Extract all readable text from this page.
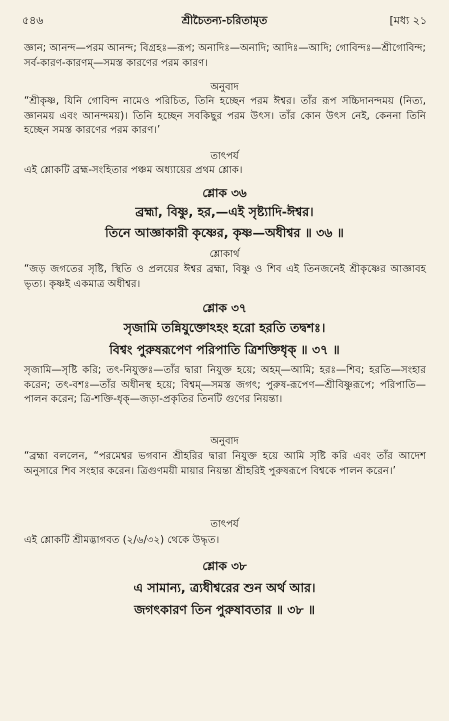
৫৪৬	শ্রীচৈতন্য-চরিতামৃত	[মধ্য ২১
জ্ঞান; আনন্দ—পরম আনন্দ; বিগ্রহঃ—রূপ; অনাদিঃ—অনাদি; আদিঃ—আদি; গোবিন্দঃ—শ্রীগোবিন্দ; সর্ব-কারণ-কারণম্—সমস্ত কারণের পরম কারণ।
অনুবাদ
“শ্রীকৃষ্ণ, যিনি গোবিন্দ নামেও পরিচিত, তিনি হচ্ছেন পরম ঈশ্বর। তাঁর রূপ সচ্চিদানন্দময় (নিত্য, জ্ঞানময় এবং আনন্দময়)। তিনি হচ্ছেন সবকিছুর পরম উৎস। তাঁর কোন উৎস নেই, কেননা তিনি হচ্ছেন সমস্ত কারণের পরম কারণ।’
তাৎপর্য
এই শ্লোকটি ব্রহ্ম-সংহিতার পঞ্চম অধ্যায়ের প্রথম শ্লোক।
শ্লোক ৩৬
ব্রহ্মা, বিষ্ণু, হর,—এই সৃষ্ট্যাদি-ঈশ্বর।
তিনে আজ্ঞাকারী কৃষ্ণের, কৃষ্ণ—অধীশ্বর ॥ ৩৬ ॥
শ্লোকার্থ
“জড় জগতের সৃষ্টি, স্থিতি ও প্রলয়ের ঈশ্বর ব্রহ্মা, বিষ্ণু ও শিব এই তিনজনেই শ্রীকৃষ্ণের আজ্ঞাবহ ভৃত্য। কৃষ্ণই একমাত্র অধীশ্বর।
শ্লোক ৩৭
সৃজামি তন্নিযুক্তোঽহং হরো হরতি তদ্বশঃ।
বিশ্বং পুরুষরূপেণ পরিপাতি ত্রিশক্তিধৃক্ ॥ ৩৭ ॥
সৃজামি—সৃষ্টি করি; তৎ-নিযুক্তঃ—তাঁর দ্বারা নিযুক্ত হয়ে; অহম্—আমি; হরঃ—শিব; হরতি—সংহার করেন; তৎ-বশঃ—তাঁর অধীনস্থ হয়ে; বিশ্বম্—সমস্ত জগৎ; পুরুষ-রূপেণ—শ্রীবিষ্ণুরূপে; পরিপাতি—পালন করেন; ত্রি-শক্তি-ধৃক্—জড়া-প্রকৃতির তিনটি গুণের নিয়ন্তা।
অনুবাদ
“ব্রহ্মা বললেন, “পরমেশ্বর ভগবান শ্রীহরির দ্বারা নিযুক্ত হয়ে আমি সৃষ্টি করি এবং তাঁর আদেশ অনুসারে শিব সংহার করেন। ত্রিগুণময়ী মায়ার নিয়ন্তা শ্রীহরিই পুরুষরূপে বিশ্বকে পালন করেন।’
তাৎপর্য
এই শ্লোকটি শ্রীমদ্ভাগবত (২/৬/৩২) থেকে উদ্ধৃত।
শ্লোক ৩৮
এ সামান্য, ত্র্যধীশ্বরের শুন অর্থ আর।
জগৎকারণ তিন পুরুষাবতার ॥ ৩৮ ॥
